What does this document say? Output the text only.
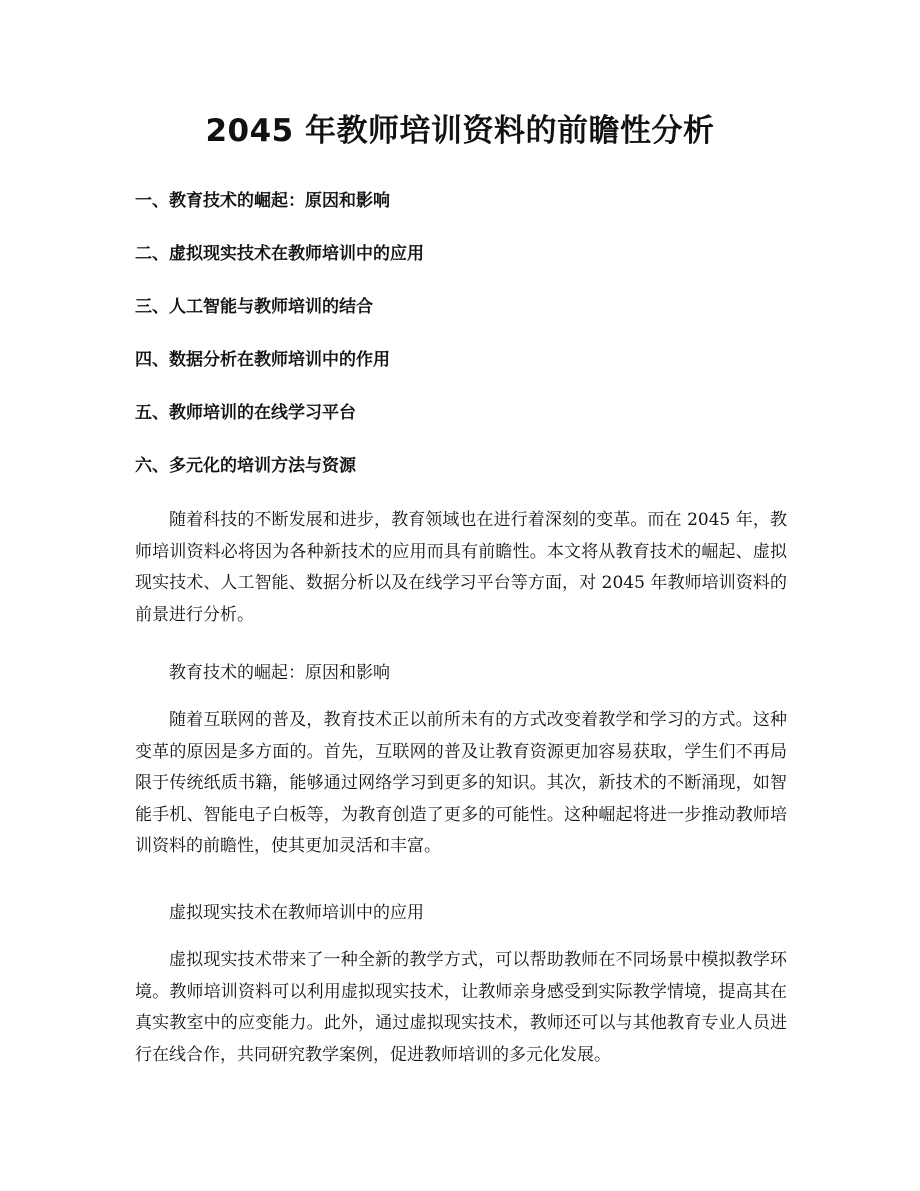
2045 年教师培训资料的前瞻性分析
一、教育技术的崛起：原因和影响
二、虚拟现实技术在教师培训中的应用
三、人工智能与教师培训的结合
四、数据分析在教师培训中的作用
五、教师培训的在线学习平台
六、多元化的培训方法与资源

随着科技的不断发展和进步，教育领域也在进行着深刻的变革。而在 2045 年，教师培训资料必将因为各种新技术的应用而具有前瞻性。本文将从教育技术的崛起、虚拟现实技术、人工智能、数据分析以及在线学习平台等方面，对 2045 年教师培训资料的前景进行分析。

教育技术的崛起：原因和影响

随着互联网的普及，教育技术正以前所未有的方式改变着教学和学习的方式。这种变革的原因是多方面的。首先，互联网的普及让教育资源更加容易获取，学生们不再局限于传统纸质书籍，能够通过网络学习到更多的知识。其次，新技术的不断涌现，如智能手机、智能电子白板等，为教育创造了更多的可能性。这种崛起将进一步推动教师培训资料的前瞻性，使其更加灵活和丰富。

虚拟现实技术在教师培训中的应用

虚拟现实技术带来了一种全新的教学方式，可以帮助教师在不同场景中模拟教学环境。教师培训资料可以利用虚拟现实技术，让教师亲身感受到实际教学情境，提高其在真实教室中的应变能力。此外，通过虚拟现实技术，教师还可以与其他教育专业人员进行在线合作，共同研究教学案例，促进教师培训的多元化发展。
